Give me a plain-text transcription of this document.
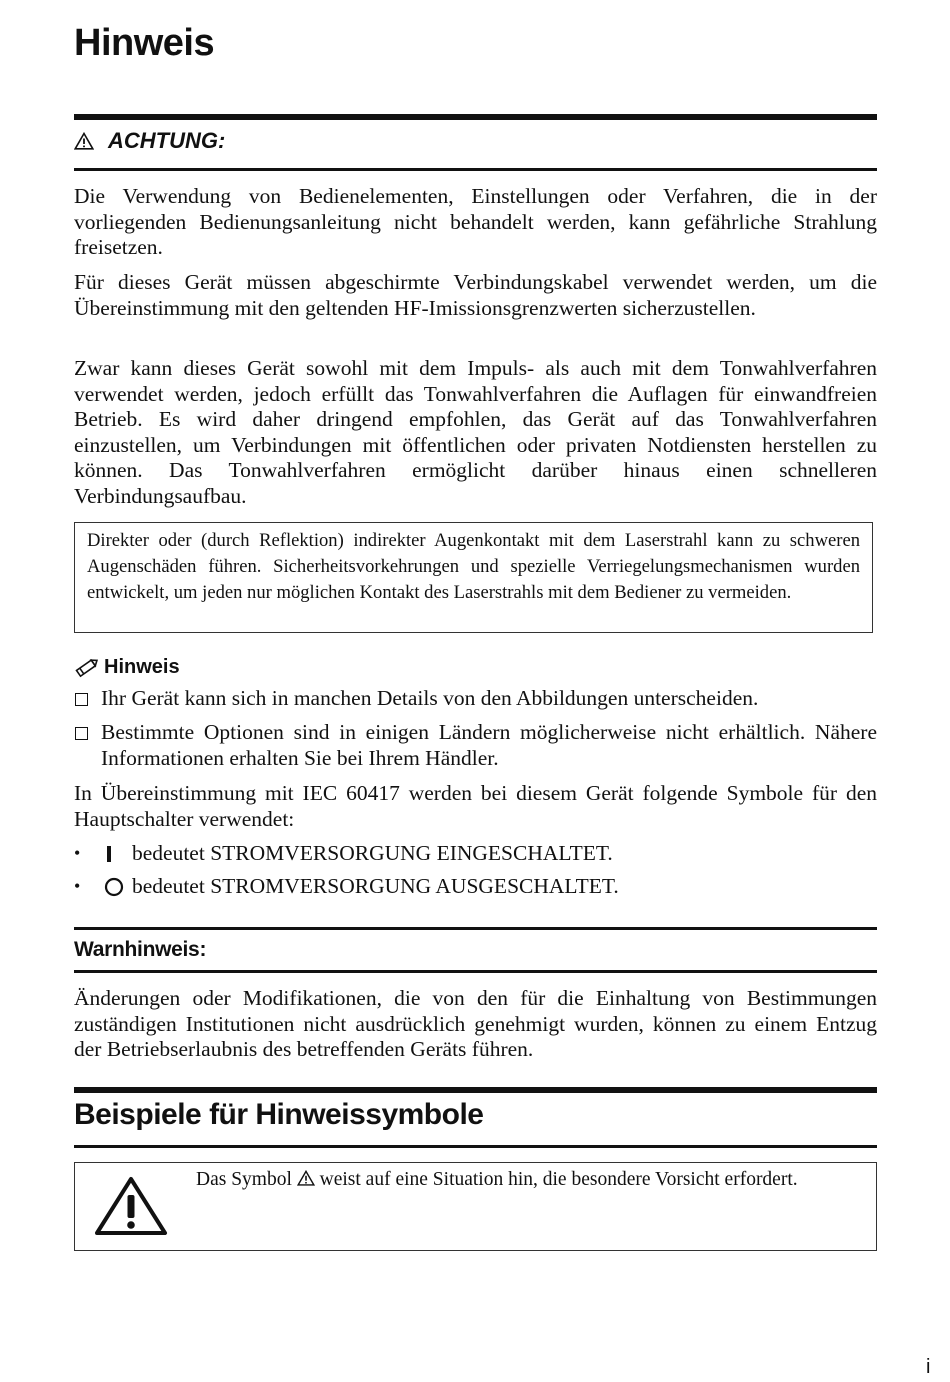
Hinweis
ACHTUNG:

Die Verwendung von Bedienelementen, Einstellungen oder Verfahren, die in der vorliegenden Bedienungsanleitung nicht behandelt werden, kann gefährliche Strahlung freisetzen.

Für dieses Gerät müssen abgeschirmte Verbindungskabel verwendet werden, um die Übereinstimmung mit den geltenden HF-Imissionsgrenzwerten sicherzustellen.

Zwar kann dieses Gerät sowohl mit dem Impuls- als auch mit dem Tonwahlverfahren verwendet werden, jedoch erfüllt das Tonwahlverfahren die Auflagen für einwandfreien Betrieb. Es wird daher dringend empfohlen, das Gerät auf das Tonwahlverfahren einzustellen, um Verbindungen mit öffentlichen oder privaten Notdiensten herstellen zu können. Das Tonwahlverfahren ermöglicht darüber hinaus einen schnelleren Verbindungsaufbau.

Direkter oder (durch Reflektion) indirekter Augenkontakt mit dem Laserstrahl kann zu schweren Augenschäden führen. Sicherheitsvorkehrungen und spezielle Verriegelungsmechanismen wurden entwickelt, um jeden nur möglichen Kontakt des Laserstrahls mit dem Bediener zu vermeiden.
Hinweis
Ihr Gerät kann sich in manchen Details von den Abbildungen unterscheiden.
Bestimmte Optionen sind in einigen Ländern möglicherweise nicht erhältlich. Nähere Informationen erhalten Sie bei Ihrem Händler.

In Übereinstimmung mit IEC 60417 werden bei diesem Gerät folgende Symbole für den Hauptschalter verwendet:

•	bedeutet STROMVERSORGUNG EINGESCHALTET.
•	bedeutet STROMVERSORGUNG AUSGESCHALTET.
Warnhinweis:

Änderungen oder Modifikationen, die von den für die Einhaltung von Bestimmungen zuständigen Institutionen nicht ausdrücklich genehmigt wurden, können zu einem Entzug der Betriebserlaubnis des betreffenden Geräts führen.

Beispiele für Hinweissymbole
Das Symbol weist auf eine Situation hin, die besondere Vorsicht erfordert.
i
